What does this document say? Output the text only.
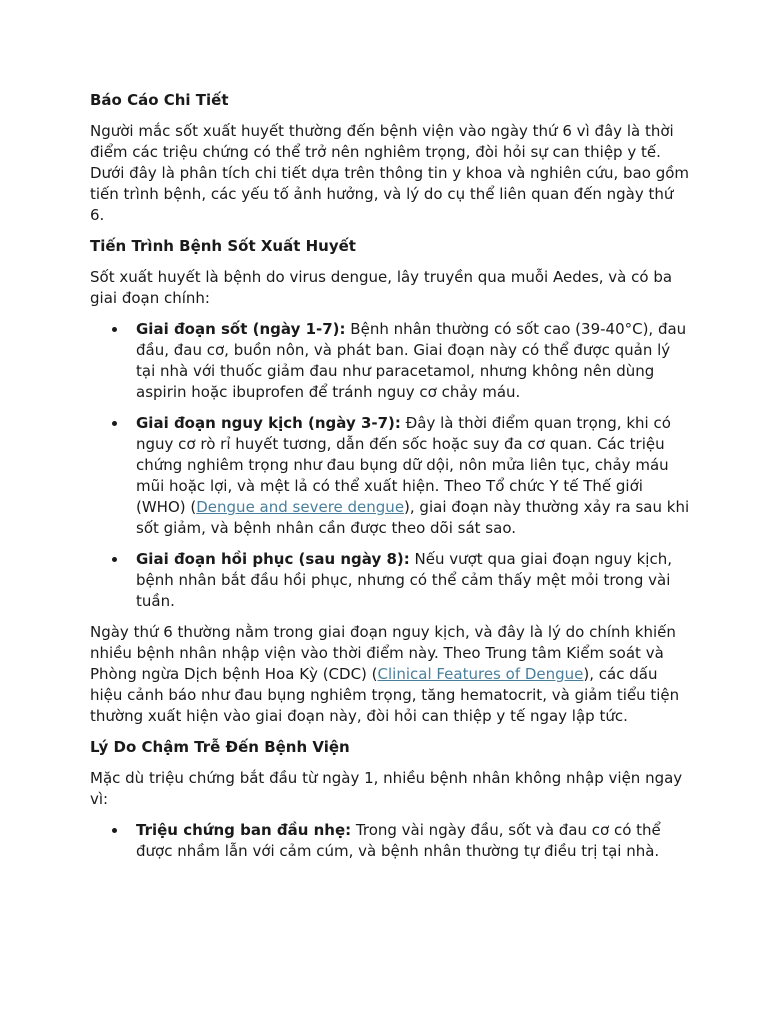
Báo Cáo Chi Tiết

Người mắc sốt xuất huyết thường đến bệnh viện vào ngày thứ 6 vì đây là thời điểm các triệu chứng có thể trở nên nghiêm trọng, đòi hỏi sự can thiệp y tế. Dưới đây là phân tích chi tiết dựa trên thông tin y khoa và nghiên cứu, bao gồm tiến trình bệnh, các yếu tố ảnh hưởng, và lý do cụ thể liên quan đến ngày thứ 6.

Tiến Trình Bệnh Sốt Xuất Huyết

Sốt xuất huyết là bệnh do virus dengue, lây truyền qua muỗi Aedes, và có ba giai đoạn chính:

Giai đoạn sốt (ngày 1-7): Bệnh nhân thường có sốt cao (39-40°C), đau đầu, đau cơ, buồn nôn, và phát ban. Giai đoạn này có thể được quản lý tại nhà với thuốc giảm đau như paracetamol, nhưng không nên dùng aspirin hoặc ibuprofen để tránh nguy cơ chảy máu.
Giai đoạn nguy kịch (ngày 3-7): Đây là thời điểm quan trọng, khi có nguy cơ rò rỉ huyết tương, dẫn đến sốc hoặc suy đa cơ quan. Các triệu chứng nghiêm trọng như đau bụng dữ dội, nôn mửa liên tục, chảy máu mũi hoặc lợi, và mệt lả có thể xuất hiện. Theo Tổ chức Y tế Thế giới (WHO) (Dengue and severe dengue), giai đoạn này thường xảy ra sau khi sốt giảm, và bệnh nhân cần được theo dõi sát sao.
Giai đoạn hồi phục (sau ngày 8): Nếu vượt qua giai đoạn nguy kịch, bệnh nhân bắt đầu hồi phục, nhưng có thể cảm thấy mệt mỏi trong vài tuần.

Ngày thứ 6 thường nằm trong giai đoạn nguy kịch, và đây là lý do chính khiến nhiều bệnh nhân nhập viện vào thời điểm này. Theo Trung tâm Kiểm soát và Phòng ngừa Dịch bệnh Hoa Kỳ (CDC) (Clinical Features of Dengue), các dấu hiệu cảnh báo như đau bụng nghiêm trọng, tăng hematocrit, và giảm tiểu tiện thường xuất hiện vào giai đoạn này, đòi hỏi can thiệp y tế ngay lập tức.

Lý Do Chậm Trễ Đến Bệnh Viện

Mặc dù triệu chứng bắt đầu từ ngày 1, nhiều bệnh nhân không nhập viện ngay vì:

Triệu chứng ban đầu nhẹ: Trong vài ngày đầu, sốt và đau cơ có thể được nhầm lẫn với cảm cúm, và bệnh nhân thường tự điều trị tại nhà.
